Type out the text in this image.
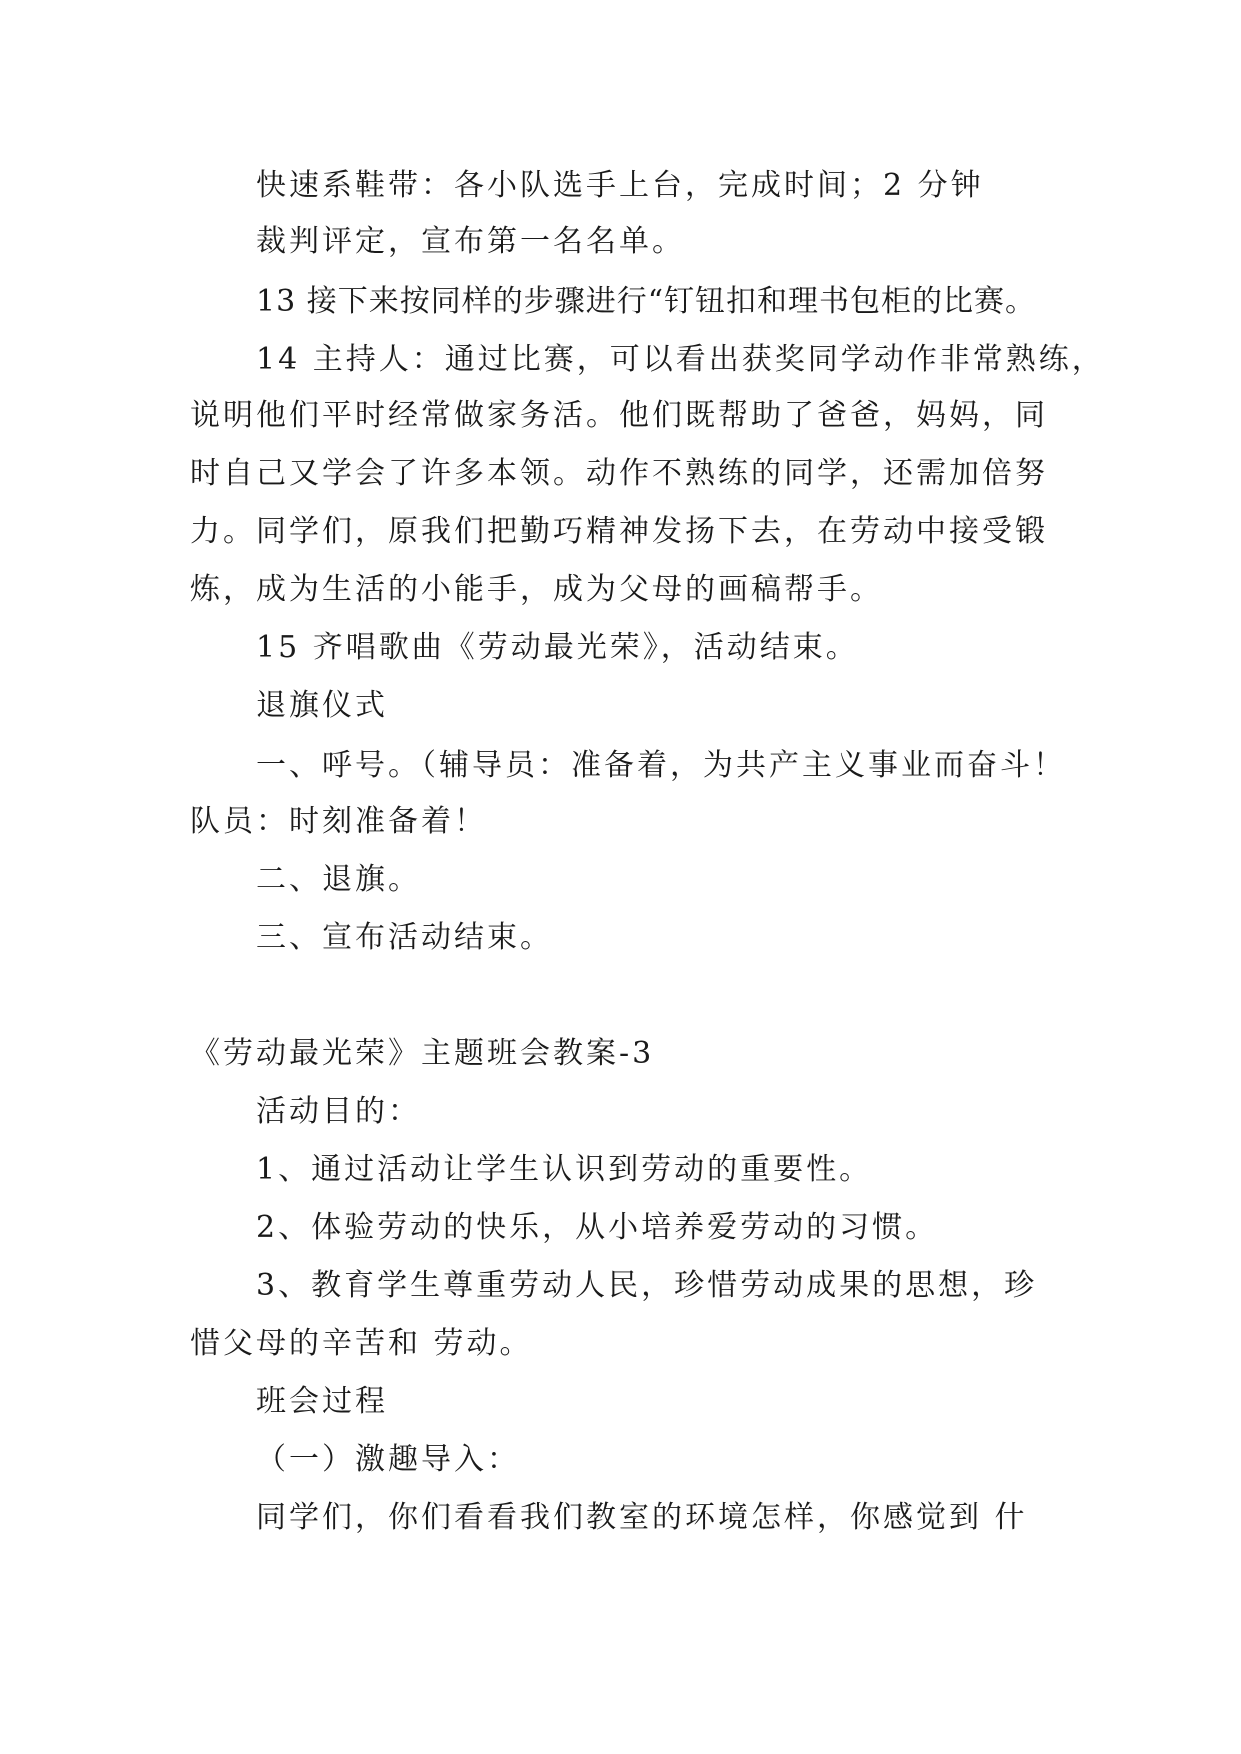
快速系鞋带：各小队选手上台，完成时间；2 分钟
裁判评定，宣布第一名名单。
13 接下来按同样的步骤进行“钉钮扣和理书包柜的比赛。
14 主持人：通过比赛，可以看出获奖同学动作非常熟练，
说明他们平时经常做家务活。他们既帮助了爸爸，妈妈，同
时自己又学会了许多本领。动作不熟练的同学，还需加倍努
力。同学们，原我们把勤巧精神发扬下去，在劳动中接受锻
炼，成为生活的小能手，成为父母的画稿帮手。
15 齐唱歌曲《劳动最光荣》，活动结束。
退旗仪式
一、呼号。（辅导员：准备着，为共产主义事业而奋斗！
队员：时刻准备着！
二、退旗。
三、宣布活动结束。
《劳动最光荣》主题班会教案-3
活动目的：
1、通过活动让学生认识到劳动的重要性。
2、体验劳动的快乐，从小培养爱劳动的习惯。
3、教育学生尊重劳动人民，珍惜劳动成果的思想，珍
惜父母的辛苦和 劳动。
班会过程
（一）激趣导入：
同学们，你们看看我们教室的环境怎样，你感觉到 什
